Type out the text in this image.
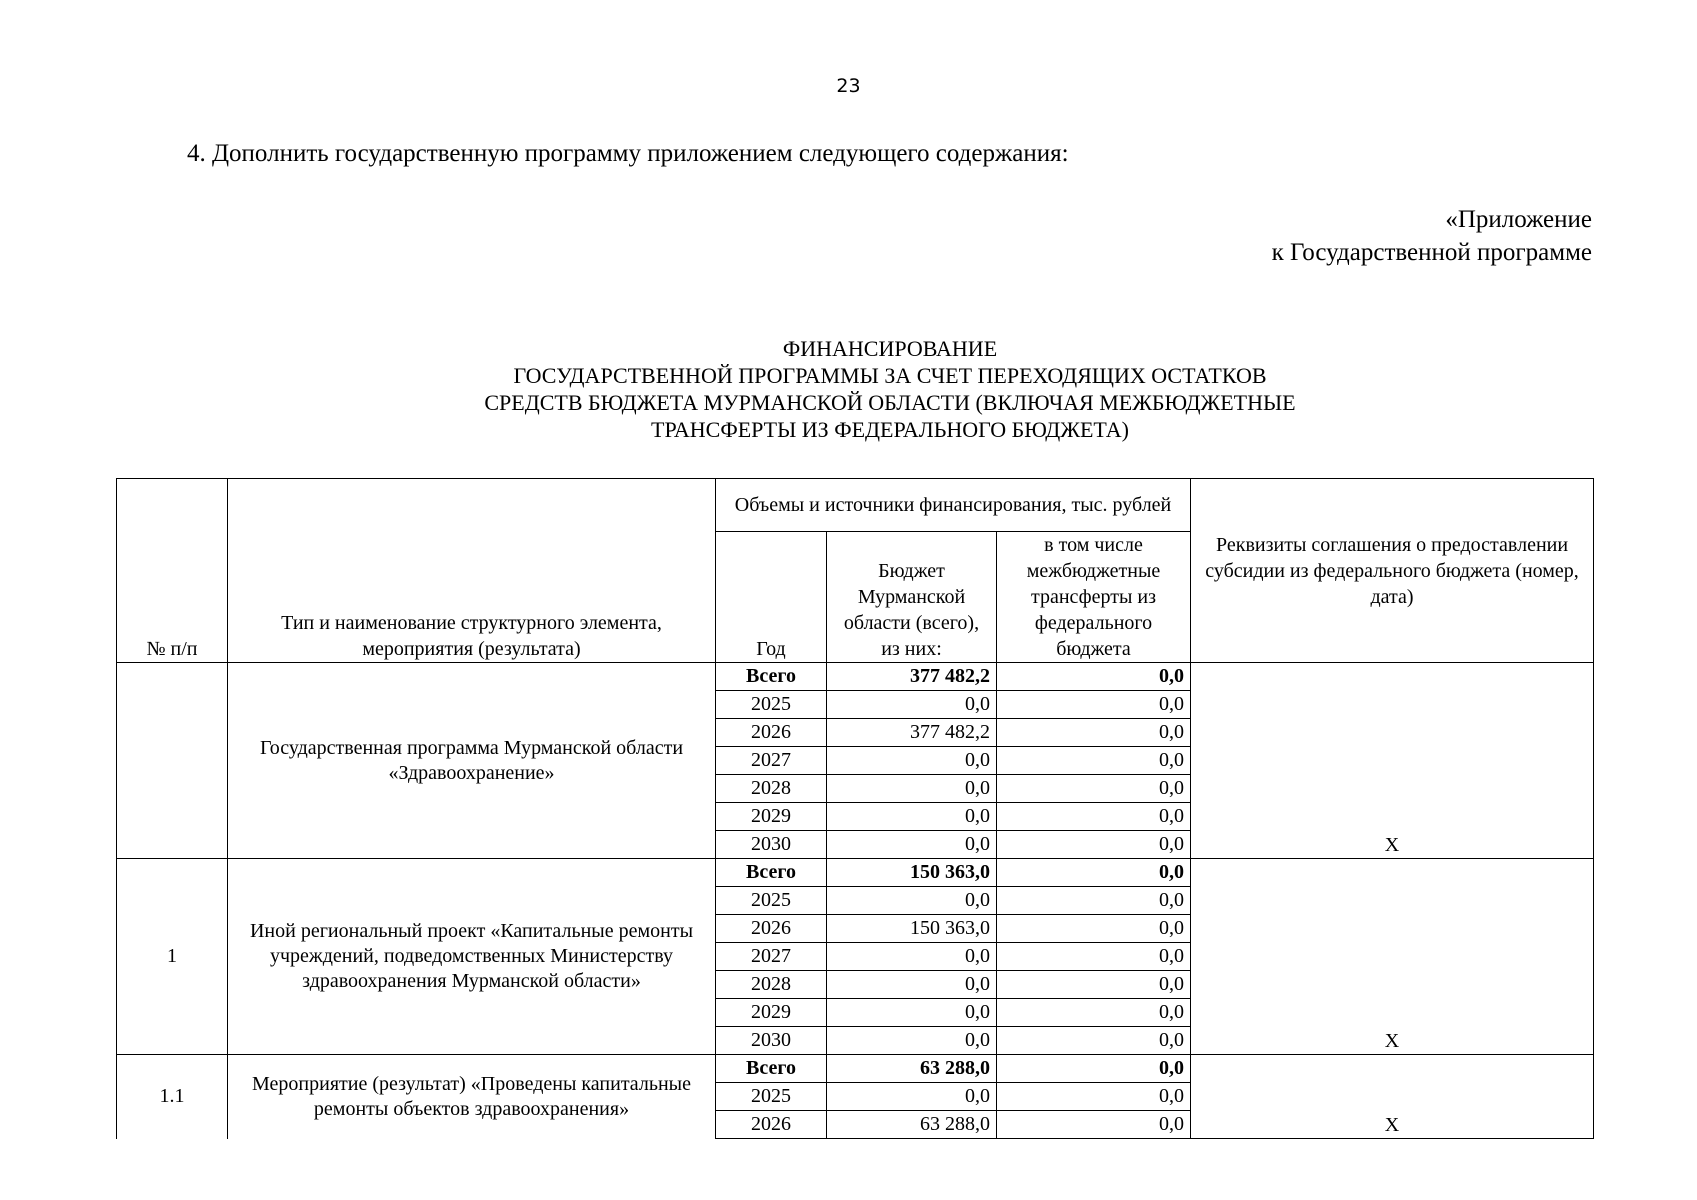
23
4. Дополнить государственную программу приложением следующего содержания:
«Приложение
к Государственной программе
ФИНАНСИРОВАНИЕ
ГОСУДАРСТВЕННОЙ ПРОГРАММЫ ЗА СЧЕТ ПЕРЕХОДЯЩИХ ОСТАТКОВ
СРЕДСТВ БЮДЖЕТА МУРМАНСКОЙ ОБЛАСТИ (ВКЛЮЧАЯ МЕЖБЮДЖЕТНЫЕ
ТРАНСФЕРТЫ ИЗ ФЕДЕРАЛЬНОГО БЮДЖЕТА)
№ п/п	Тип и наименование структурного элемента, мероприятия (результата)	Объемы и источники финансирования, тыс. рублей			Реквизиты соглашения о предоставлении субсидии из федерального бюджета (номер, дата)
		Год	Бюджет Мурманской области (всего), из них:	в том числе межбюджетные трансферты из федерального бюджета	
	Государственная программа Мурманской области «Здравоохранение»	Всего	377 482,2	0,0	Х
		2025	0,0	0,0	
		2026	377 482,2	0,0	
		2027	0,0	0,0	
		2028	0,0	0,0	
		2029	0,0	0,0	
		2030	0,0	0,0	
1	Иной региональный проект «Капитальные ремонты учреждений, подведомственных Министерству здравоохранения Мурманской области»	Всего	150 363,0	0,0	Х
		2025	0,0	0,0	
		2026	150 363,0	0,0	
		2027	0,0	0,0	
		2028	0,0	0,0	
		2029	0,0	0,0	
		2030	0,0	0,0	
1.1	Мероприятие (результат) «Проведены капитальные ремонты объектов здравоохранения»	Всего	63 288,0	0,0	Х
		2025	0,0	0,0	
		2026	63 288,0	0,0	
